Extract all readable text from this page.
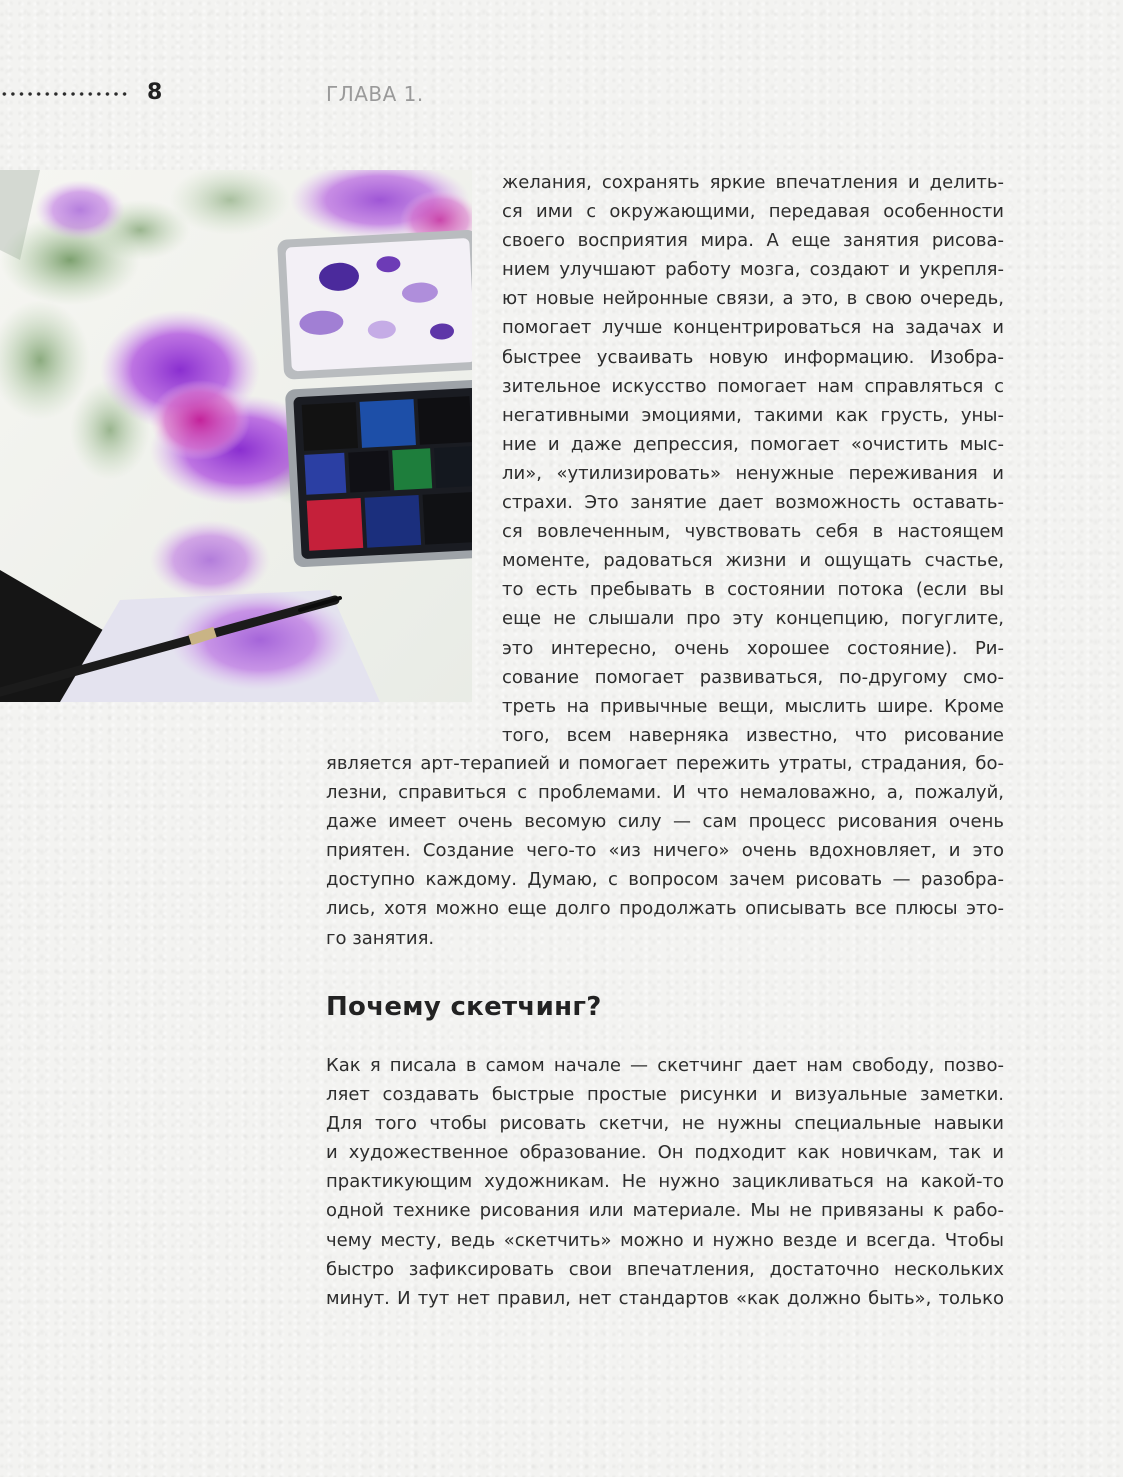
8	ГЛАВА 1.
желания, сохранять яркие впечатления и делить-
ся ими с окружающими, передавая особенности
своего восприятия мира. А еще занятия рисова-
нием улучшают работу мозга, создают и укрепля-
ют новые нейронные связи, а это, в свою очередь,
помогает лучше концентрироваться на задачах и
быстрее усваивать новую информацию. Изобра-
зительное искусство помогает нам справляться с
негативными эмоциями, такими как грусть, уны-
ние и даже депрессия, помогает «очистить мыс-
ли», «утилизировать» ненужные переживания и
страхи. Это занятие дает возможность оставать-
ся вовлеченным, чувствовать себя в настоящем
моменте, радоваться жизни и ощущать счастье,
то есть пребывать в состоянии потока (если вы
еще не слышали про эту концепцию, погуглите,
это интересно, очень хорошее состояние). Ри-
сование помогает развиваться, по-другому смо-
треть на привычные вещи, мыслить шире. Кроме
того, всем наверняка известно, что рисование
является арт-терапией и помогает пережить утраты, страдания, бо-
лезни, справиться с проблемами. И что немаловажно, а, пожалуй,
даже имеет очень весомую силу — сам процесс рисования очень
приятен. Создание чего-то «из ничего» очень вдохновляет, и это
доступно каждому. Думаю, с вопросом зачем рисовать — разобра-
лись, хотя можно еще долго продолжать описывать все плюсы это-
го занятия.
Почему скетчинг?
Как я писала в самом начале — скетчинг дает нам свободу, позво-
ляет создавать быстрые простые рисунки и визуальные заметки.
Для того чтобы рисовать скетчи, не нужны специальные навыки
и художественное образование. Он подходит как новичкам, так и
практикующим художникам. Не нужно зацикливаться на какой-то
одной технике рисования или материале. Мы не привязаны к рабо-
чему месту, ведь «скетчить» можно и нужно везде и всегда. Чтобы
быстро зафиксировать свои впечатления, достаточно нескольких
минут. И тут нет правил, нет стандартов «как должно быть», только
